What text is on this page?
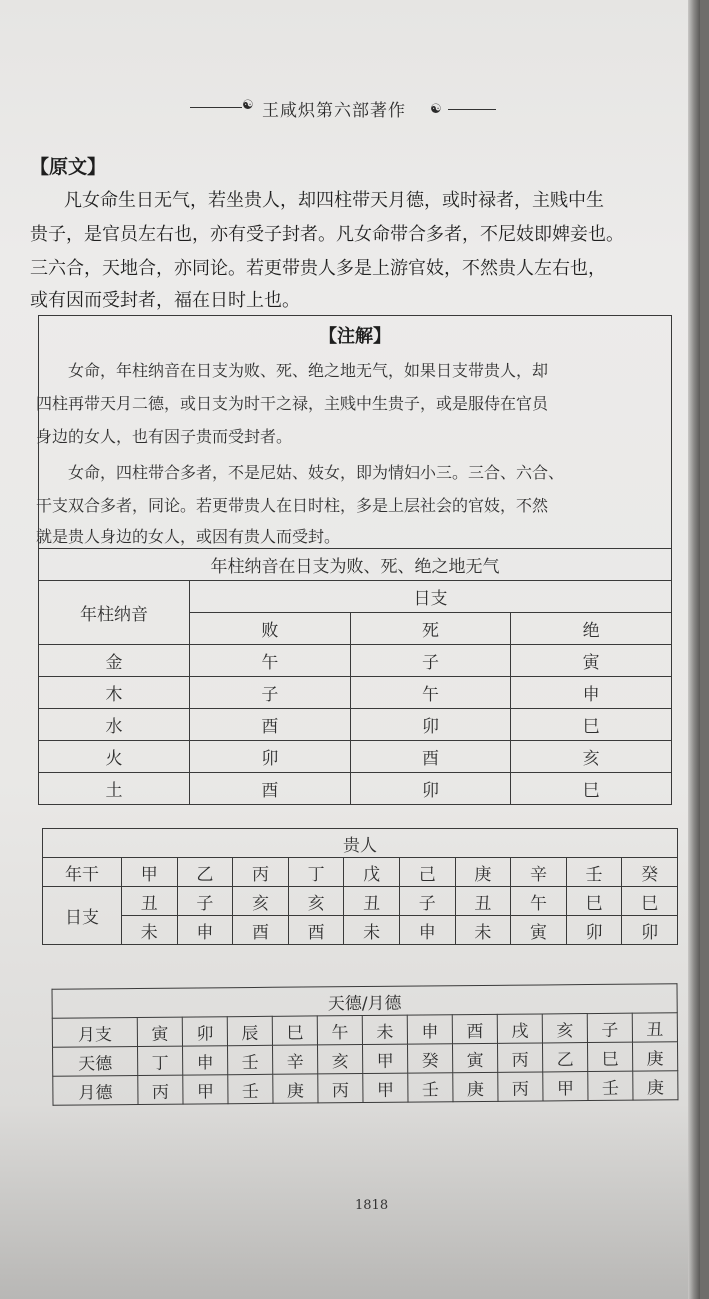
☯ 王咸炽第六部著作 ☯
【原文】
凡女命生日无气，若坐贵人，却四柱带天月德，或时禄者，主贱中生
贵子，是官员左右也，亦有受子封者。凡女命带合多者，不尼妓即婢妾也。
三六合，天地合，亦同论。若更带贵人多是上游官妓，不然贵人左右也，
或有因而受封者，福在日时上也。
【注解】
女命，年柱纳音在日支为败、死、绝之地无气，如果日支带贵人，却
四柱再带天月二德，或日支为时干之禄，主贱中生贵子，或是服侍在官员
身边的女人，也有因子贵而受封者。
女命，四柱带合多者，不是尼姑、妓女，即为情妇小三。三合、六合、
干支双合多者，同论。若更带贵人在日时柱，多是上层社会的官妓，不然
就是贵人身边的女人，或因有贵人而受封。
年柱纳音在日支为败、死、绝之地无气			
年柱纳音	日支		
	败	死	绝
金	午	子	寅
木	子	午	申
水	酉	卯	巳
火	卯	酉	亥
土	酉	卯	巳
贵人										
年干	甲	乙	丙	丁	戊	己	庚	辛	壬	癸
日支	丑	子	亥	亥	丑	子	丑	午	巳	巳
	未	申	酉	酉	未	申	未	寅	卯	卯
天德/月德												
月支	寅	卯	辰	巳	午	未	申	酉	戌	亥	子	丑
天德	丁	申	壬	辛	亥	甲	癸	寅	丙	乙	巳	庚
月德	丙	甲	壬	庚	丙	甲	壬	庚	丙	甲	壬	庚
1818
